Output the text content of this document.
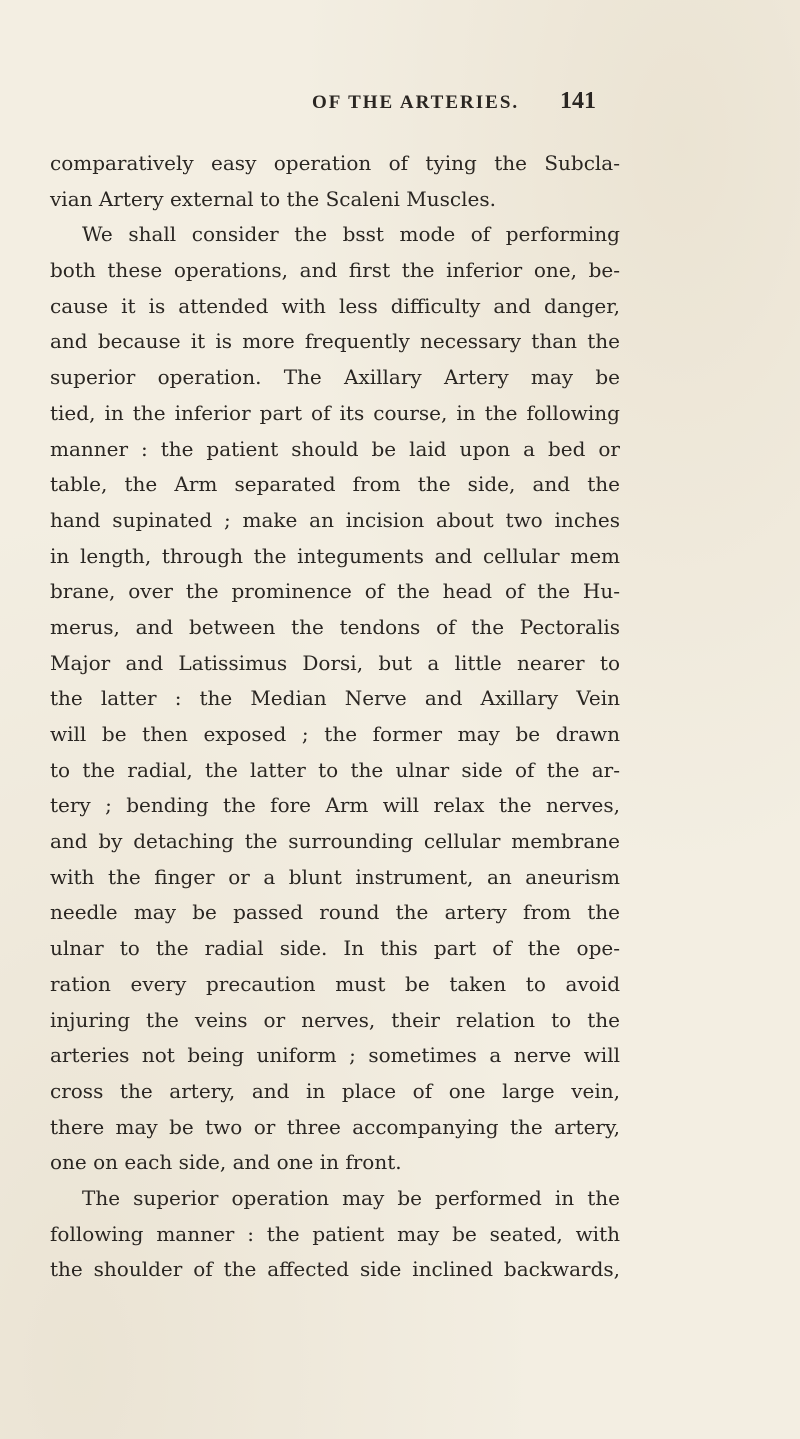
OF THE ARTERIES. 141
comparatively easy operation of tying the Subcla-
vian Artery external to the Scaleni Muscles.
We shall consider the bsst mode of performing
both these operations, and first the inferior one, be-
cause it is attended with less difficulty and danger,
and because it is more frequently necessary than the
superior operation. The Axillary Artery may be
tied, in the inferior part of its course, in the following
manner : the patient should be laid upon a bed or
table, the Arm separated from the side, and the
hand supinated ; make an incision about two inches
in length, through the integuments and cellular mem
brane, over the prominence of the head of the Hu-
merus, and between the tendons of the Pectoralis
Major and Latissimus Dorsi, but a little nearer to
the latter : the Median Nerve and Axillary Vein
will be then exposed ; the former may be drawn
to the radial, the latter to the ulnar side of the ar-
tery ; bending the fore Arm will relax the nerves,
and by detaching the surrounding cellular membrane
with the finger or a blunt instrument, an aneurism
needle may be passed round the artery from the
ulnar to the radial side. In this part of the ope-
ration every precaution must be taken to avoid
injuring the veins or nerves, their relation to the
arteries not being uniform ; sometimes a nerve will
cross the artery, and in place of one large vein,
there may be two or three accompanying the artery,
one on each side, and one in front.
The superior operation may be performed in the
following manner : the patient may be seated, with
the shoulder of the affected side inclined backwards,
